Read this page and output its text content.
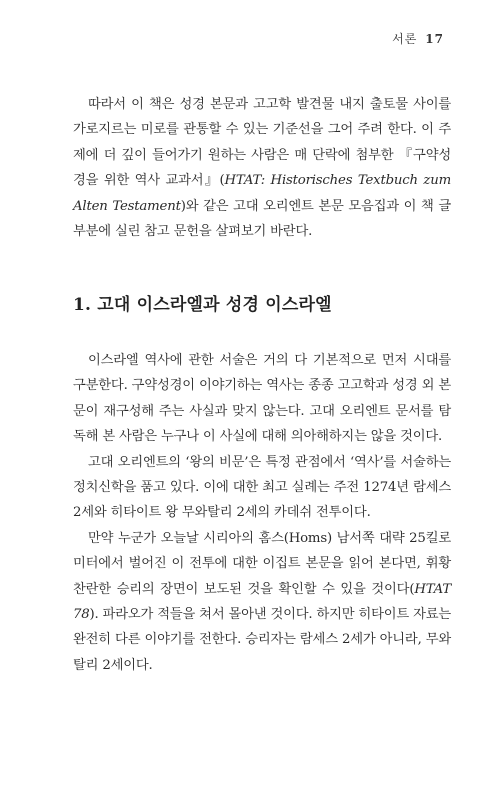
서론 17

따라서 이 책은 성경 본문과 고고학 발견물 내지 출토물 사이를 가로지르는 미로를 관통할 수 있는 기준선을 그어 주려 한다. 이 주제에 더 깊이 들어가기 원하는 사람은 매 단락에 첨부한 『구약성경을 위한 역사 교과서』(HTAT: Historisches Textbuch zum Alten Testament)와 같은 고대 오리엔트 본문 모음집과 이 책 글 부분에 실린 참고 문헌을 살펴보기 바란다.

1. 고대 이스라엘과 성경 이스라엘

이스라엘 역사에 관한 서술은 거의 다 기본적으로 먼저 시대를 구분한다. 구약성경이 이야기하는 역사는 종종 고고학과 성경 외 본문이 재구성해 주는 사실과 맞지 않는다. 고대 오리엔트 문서를 탐독해 본 사람은 누구나 이 사실에 대해 의아해하지는 않을 것이다.

고대 오리엔트의 ‘왕의 비문’은 특정 관점에서 ‘역사’를 서술하는 정치신학을 품고 있다. 이에 대한 최고 실례는 주전 1274년 람세스 2세와 히타이트 왕 무와탈리 2세의 카데쉬 전투이다.

만약 누군가 오늘날 시리아의 홈스(Homs) 남서쪽 대략 25킬로미터에서 벌어진 이 전투에 대한 이집트 본문을 읽어 본다면, 휘황찬란한 승리의 장면이 보도된 것을 확인할 수 있을 것이다(HTAT 78). 파라오가 적들을 쳐서 몰아낸 것이다. 하지만 히타이트 자료는 완전히 다른 이야기를 전한다. 승리자는 람세스 2세가 아니라, 무와탈리 2세이다.
